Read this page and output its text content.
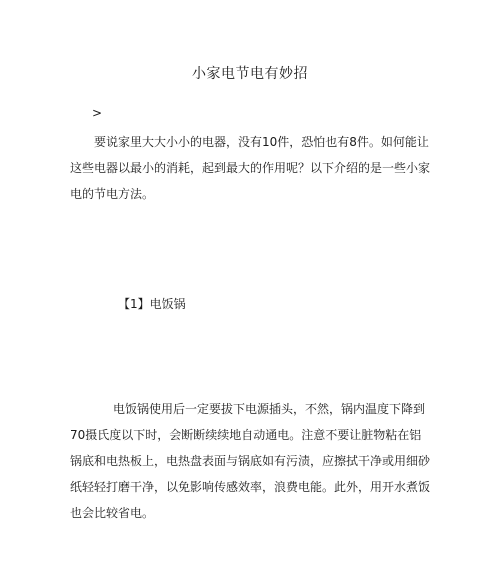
小家电节电有妙招
>

要说家里大大小小的电器，没有10件，恐怕也有8件。如何能让
这些电器以最小的消耗，起到最大的作用呢？以下介绍的是一些小家
电的节电方法。

【1】电饭锅

电饭锅使用后一定要拔下电源插头，不然，锅内温度下降到
70摄氏度以下时，会断断续续地自动通电。注意不要让脏物粘在铝
锅底和电热板上，电热盘表面与锅底如有污渍，应擦拭干净或用细砂
纸轻轻打磨干净，以免影响传感效率，浪费电能。此外，用开水煮饭
也会比较省电。
